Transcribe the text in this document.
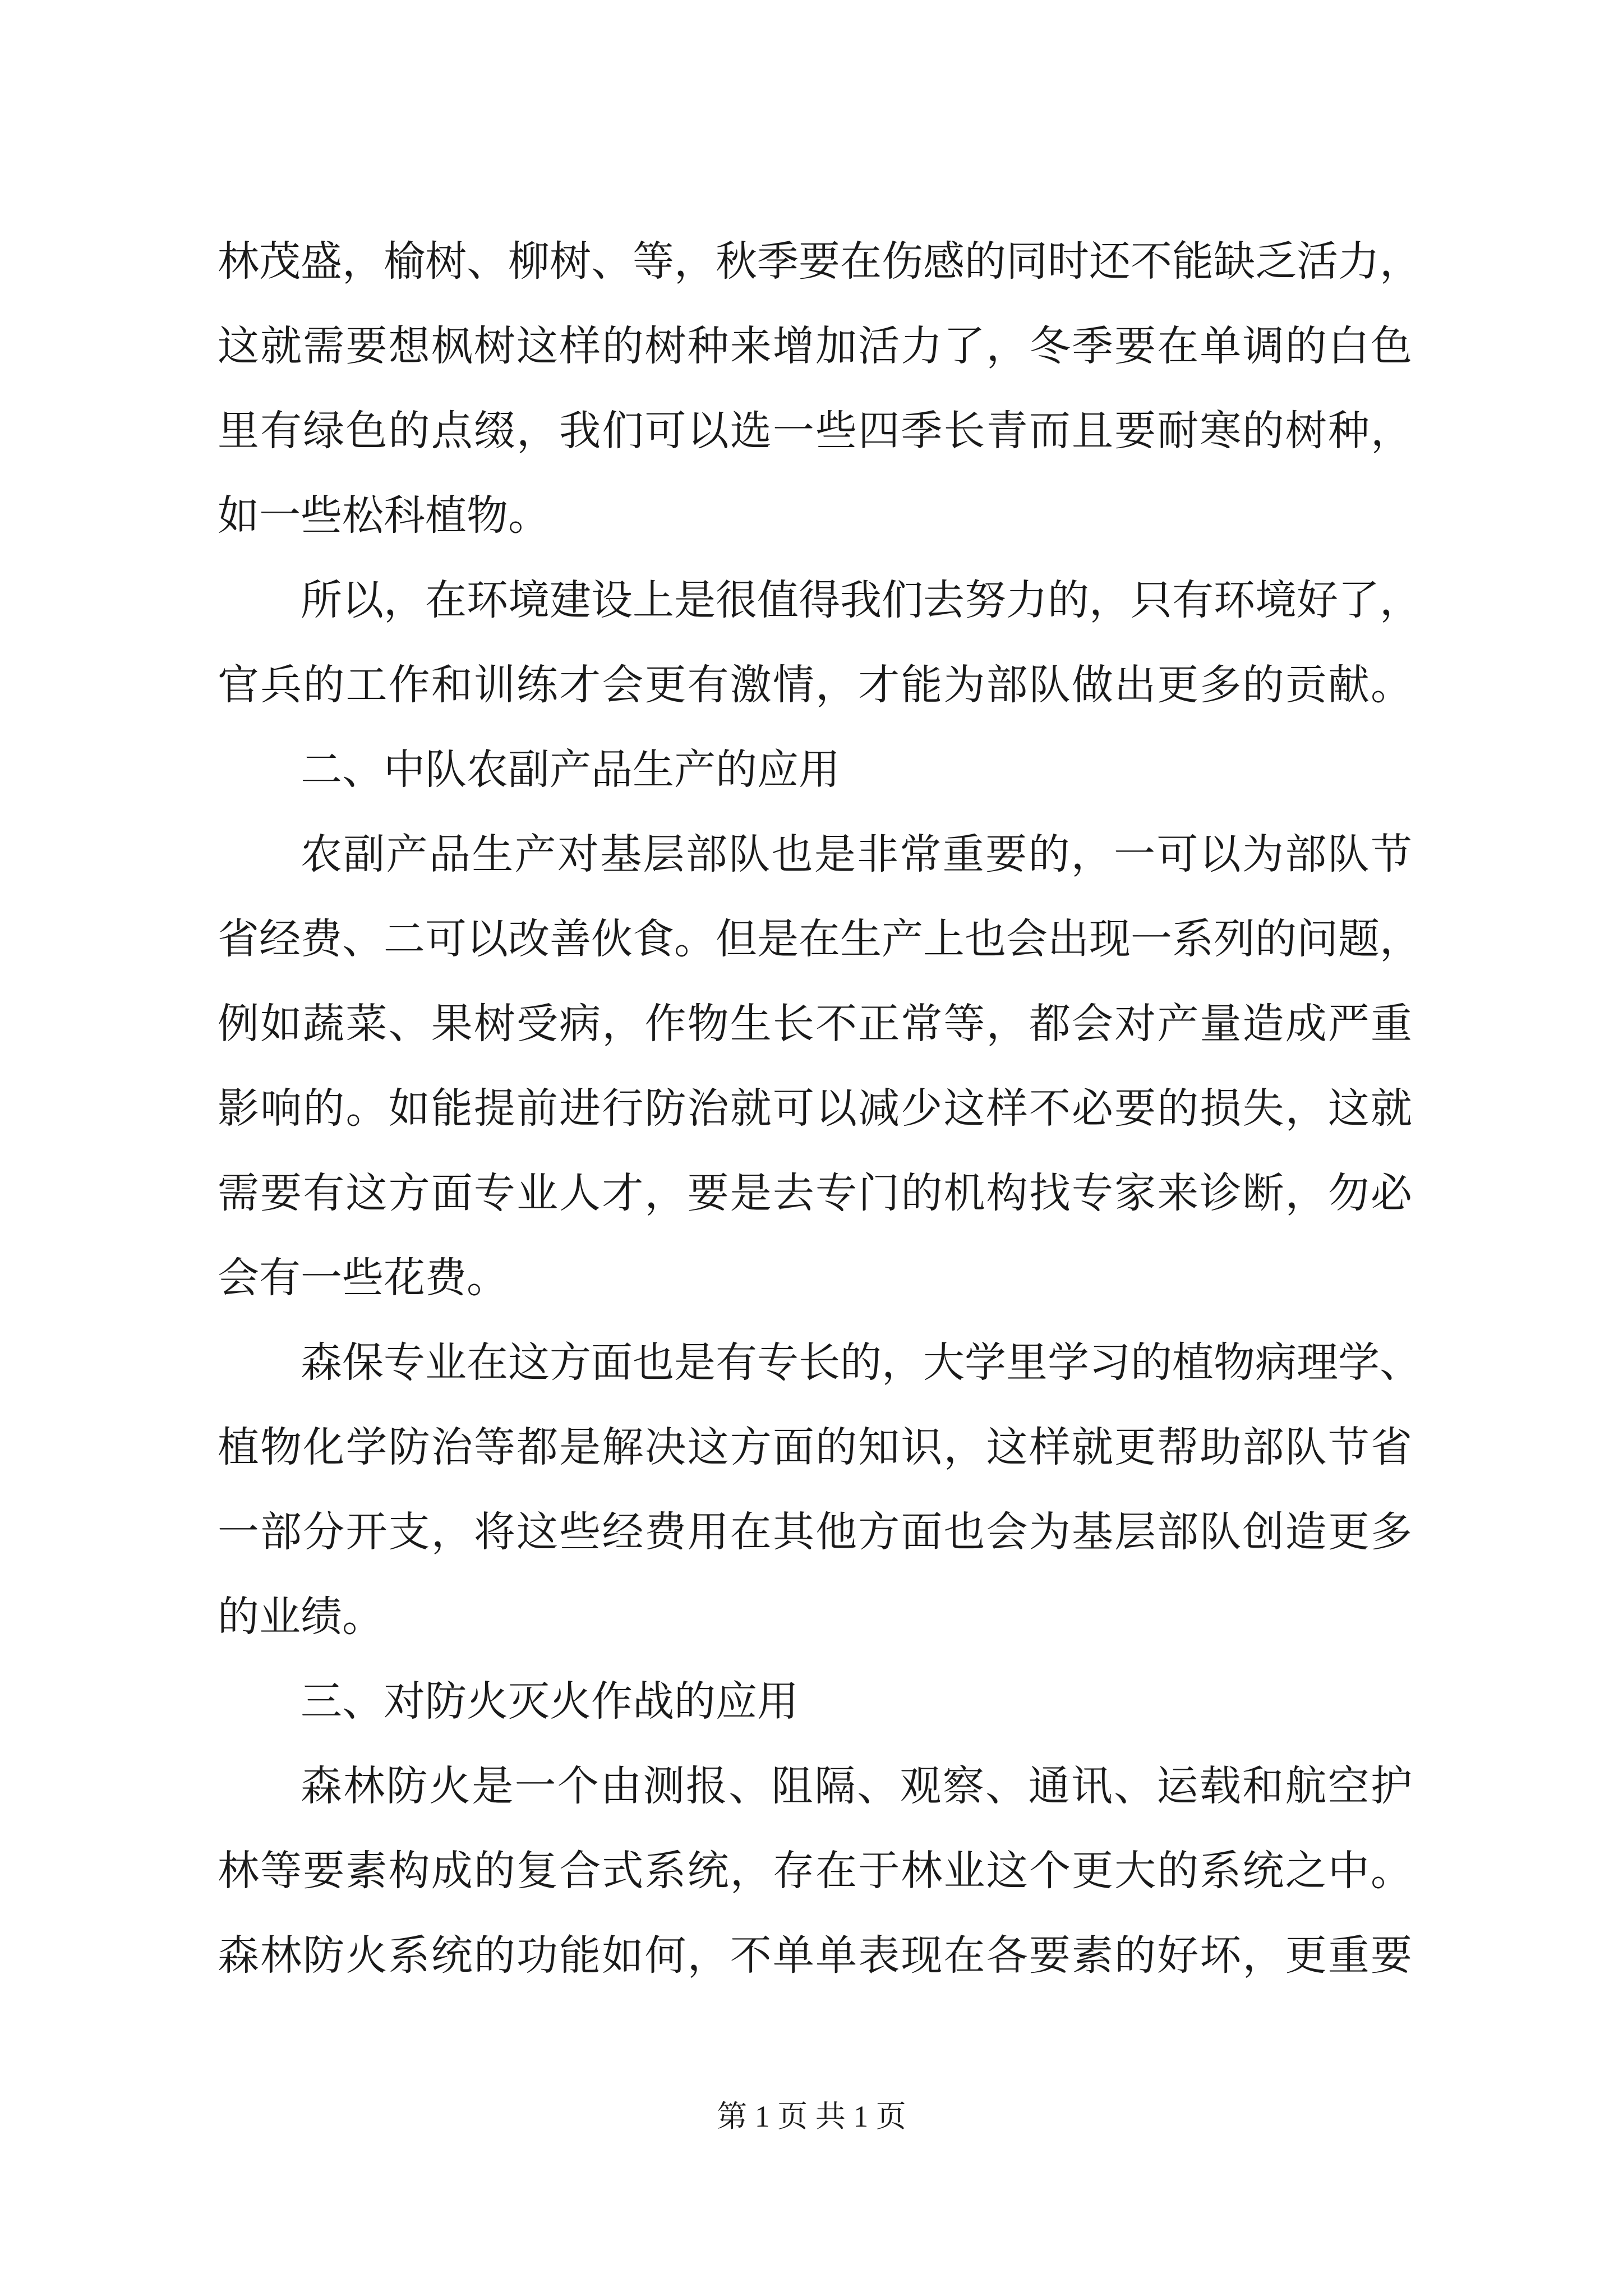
林茂盛，榆树、柳树、等，秋季要在伤感的同时还不能缺乏活力，

这就需要想枫树这样的树种来增加活力了，冬季要在单调的白色

里有绿色的点缀，我们可以选一些四季长青而且要耐寒的树种，

如一些松科植物。

所以，在环境建设上是很值得我们去努力的，只有环境好了，

官兵的工作和训练才会更有激情，才能为部队做出更多的贡献。

二、中队农副产品生产的应用

农副产品生产对基层部队也是非常重要的，一可以为部队节

省经费、二可以改善伙食。但是在生产上也会出现一系列的问题，

例如蔬菜、果树受病，作物生长不正常等，都会对产量造成严重

影响的。如能提前进行防治就可以减少这样不必要的损失，这就

需要有这方面专业人才，要是去专门的机构找专家来诊断，勿必

会有一些花费。

森保专业在这方面也是有专长的，大学里学习的植物病理学、

植物化学防治等都是解决这方面的知识，这样就更帮助部队节省

一部分开支，将这些经费用在其他方面也会为基层部队创造更多

的业绩。

三、对防火灭火作战的应用

森林防火是一个由测报、阻隔、观察、通讯、运载和航空护

林等要素构成的复合式系统，存在于林业这个更大的系统之中。

森林防火系统的功能如何，不单单表现在各要素的好坏，更重要

第 1 页 共 1 页
